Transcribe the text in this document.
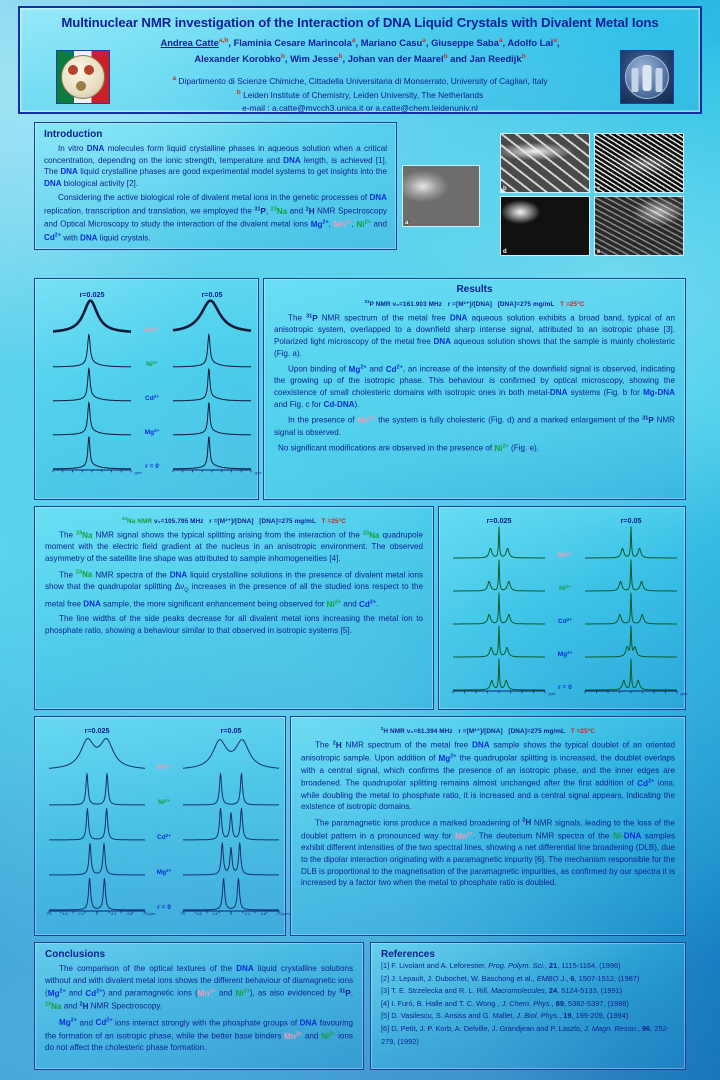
Multinuclear NMR investigation of the Interaction of DNA Liquid Crystals with Divalent Metal Ions
Andrea Catte$^{a,b}$, Flaminia Cesare Marincola$^a$, Mariano Casu$^a$, Giuseppe Saba$^a$, Adolfo Lai$^a$,
Alexander Korobko$^b$, Wim Jesse$^b$, Johan van der Maarel$^b$ and Jan Reedijk$^b$
$^a$ Dipartimento di Scienze Chimiche, Cittadella Universitaria di Monserrato, University of Cagliari, Italy
$^b$ Leiden Institute of Chemistry, Leiden University, The Netherlands
e-mail : a.catte@mvcch3.unica.it or a.catte@chem.leidenuniv.nl
Introduction

In vitro DNA molecules form liquid crystalline phases in aqueous solution when a critical concentration, depending on the ionic strength, temperature and DNA length, is achieved [1]. The DNA liquid crystalline phases are good experimental model systems to get insights into the DNA biological activity [2].

Considering the active biological role of divalent metal ions in the genetic processes of DNA replication, transcription and translation, we employed the $^{31}$P, $^{23}$Na and $^2$H NMR Spectroscopy and Optical Microscopy to study the interaction of the divalent metal ions $Mg^{2+}$, $Mn^{2+}$, $Ni^{2+}$ and $Cd^{2+}$ with DNA liquid crystals.

a
b	c
d	e
r=0.025	r=0.05
$Mn^{2+}$
$Ni^{2+}$
$Cd^{2+}$
$Mg^{2+}$
r = 0
ppm	ppm
Results
$^{31}$P NMR ν₀=161.903 MHz r =[M²⁺]/[DNA] [DNA]=275 mg/mL T =25°C

The $^{31}$P NMR spectrum of the metal free DNA aqueous solution exhibits a broad band, typical of an anisotropic system, overlapped to a downfield sharp intense signal, attributed to an isotropic phase [3]. Polarized light microscopy of the metal free DNA aqueous solution shows that the sample is mainly cholesteric (Fig. a).

Upon binding of $Mg^{2+}$ and $Cd^{2+}$, an increase of the intensity of the downfield signal is observed, indicating the growing up of the isotropic phase. This behaviour is confirmed by optical microscopy, showing the coexistence of small cholesteric domains with isotropic ones in both metal-DNA systems (Fig. b for Mg-DNA and Fig. c for Cd-DNA).

In the presence of $Mn^{2+}$ the system is fully cholesteric (Fig. d) and a marked enlargement of the $^{31}$P NMR signal is observed.

No significant modifications are observed in the presence of $Ni^{2+}$ (Fig. e).

$^{23}$Na NMR ν₀=105.795 MHz r =[M²⁺]/[DNA] [DNA]=275 mg/mL T =25°C

The $^{23}$Na NMR signal shows the typical splitting arising from the interaction of the $^{23}$Na quadrupole moment with the electric field gradient at the nucleus in an anisotropic environment. The observed asymmetry of the satellite line shape was attributed to sample inhomogeneities [4].

The $^{23}$Na NMR spectra of the DNA liquid crystalline solutions in the presence of divalent metal ions show that the quadrupolar splitting $\Delta\nu_Q$ increases in the presence of all the studied ions respect to the metal free DNA sample, the more significant enhancement being observed for $Ni^{2+}$ and $Cd^{2+}$.

The line widths of the side peaks decrease for all divalent metal ions increasing the metal ion to phosphate ratio, showing a behaviour similar to that observed in isotropic systems [5].

r=0.025	r=0.05
$Mn^{2+}$
$Ni^{2+}$
$Cd^{2+}$
$Mg^{2+}$
r = 0
ppm	ppm
r=0.025	r=0.05
$Mn^{2+}$
$Ni^{2+}$
$Cd^{2+}$
$Mg^{2+}$
r = 0
ppm	ppm
7.2	4.8	2.4	0	-2.4	-4.8	-7.2	7.2	4.8	2.4	0	-2.4	-4.8	-7.2
$^2$H NMR ν₀=61.394 MHz r =[M²⁺]/[DNA] [DNA]=275 mg/mL T =25°C

The $^2$H NMR spectrum of the metal free DNA sample shows the typical doublet of an oriented anisotropic sample. Upon addition of $Mg^{2+}$ the quadrupolar splitting is increased, the doublet overlaps with a central signal, which confirms the presence of an isotropic phase, and the inner edges are broadened. The quadrupolar splitting remains almost unchanged after the first addition of $Cd^{2+}$ ions, while doubling the metal to phosphate ratio, it is increased and a central signal appears, indicating the existence of isotropic domains.

The paramagnetic ions produce a marked broadening of $^2$H NMR signals, leading to the loss of the doublet pattern in a pronounced way for $Mn^{2+}$. The deuterium NMR spectra of the Ni-DNA samples exhibit different intensities of the two spectral lines, showing a net differential line broadening (DLB), due to the dipolar interaction originating with a paramagnetic impurity [6]. The mechanism responsible for the DLB is proportional to the magnetisation of the paramagnetic impurities, as confirmed by our spectra it is increased by a factor two when the metal to phosphate ratio is doubled.

Conclusions

The comparison of the optical textures of the DNA liquid crystalline solutions without and with divalent metal ions shows the different behaviour of diamagnetic ions ($Mg^{2+}$ and $Cd^{2+}$) and paramagnetic ions ($Mn^{2+}$ and $Ni^{2+}$), as also evidenced by $^{31}$P, $^{23}$Na and $^2$H NMR Spectroscopy.

$Mg^{2+}$ and $Cd^{2+}$ ions interact strongly with the phosphate groups of DNA favouring the formation of an isotropic phase, while the better base binders $Mn^{2+}$ and $Ni^{2+}$ ions do not affect the cholesteric phase formation.

References
[1] F. Livolant and A. Leforestier, Prog. Polym. Sci., 21, 1115-1164, (1996)
[2] J. Lepault, J. Dubochet, W. Baschong et al., EMBO J., 6, 1507-1512, (1987)
[3] T. E. Strzelecka and R. L. Rill, Macromolecules, 24, 5124-5133, (1991)
[4] I. Furó, B. Halle and T. C. Wong , J. Chem. Phys., 89, 5382-5397, (1988)
[5] D. Vasilescu, S. Ansiss and G. Mallet, J. Biol. Phys., 19, 199-209, (1994)
[6] D. Petit, J. P. Korb, A. Delville, J. Grandjean and P. Laszlo, J. Magn. Reson., 96, 252-279, (1992)
